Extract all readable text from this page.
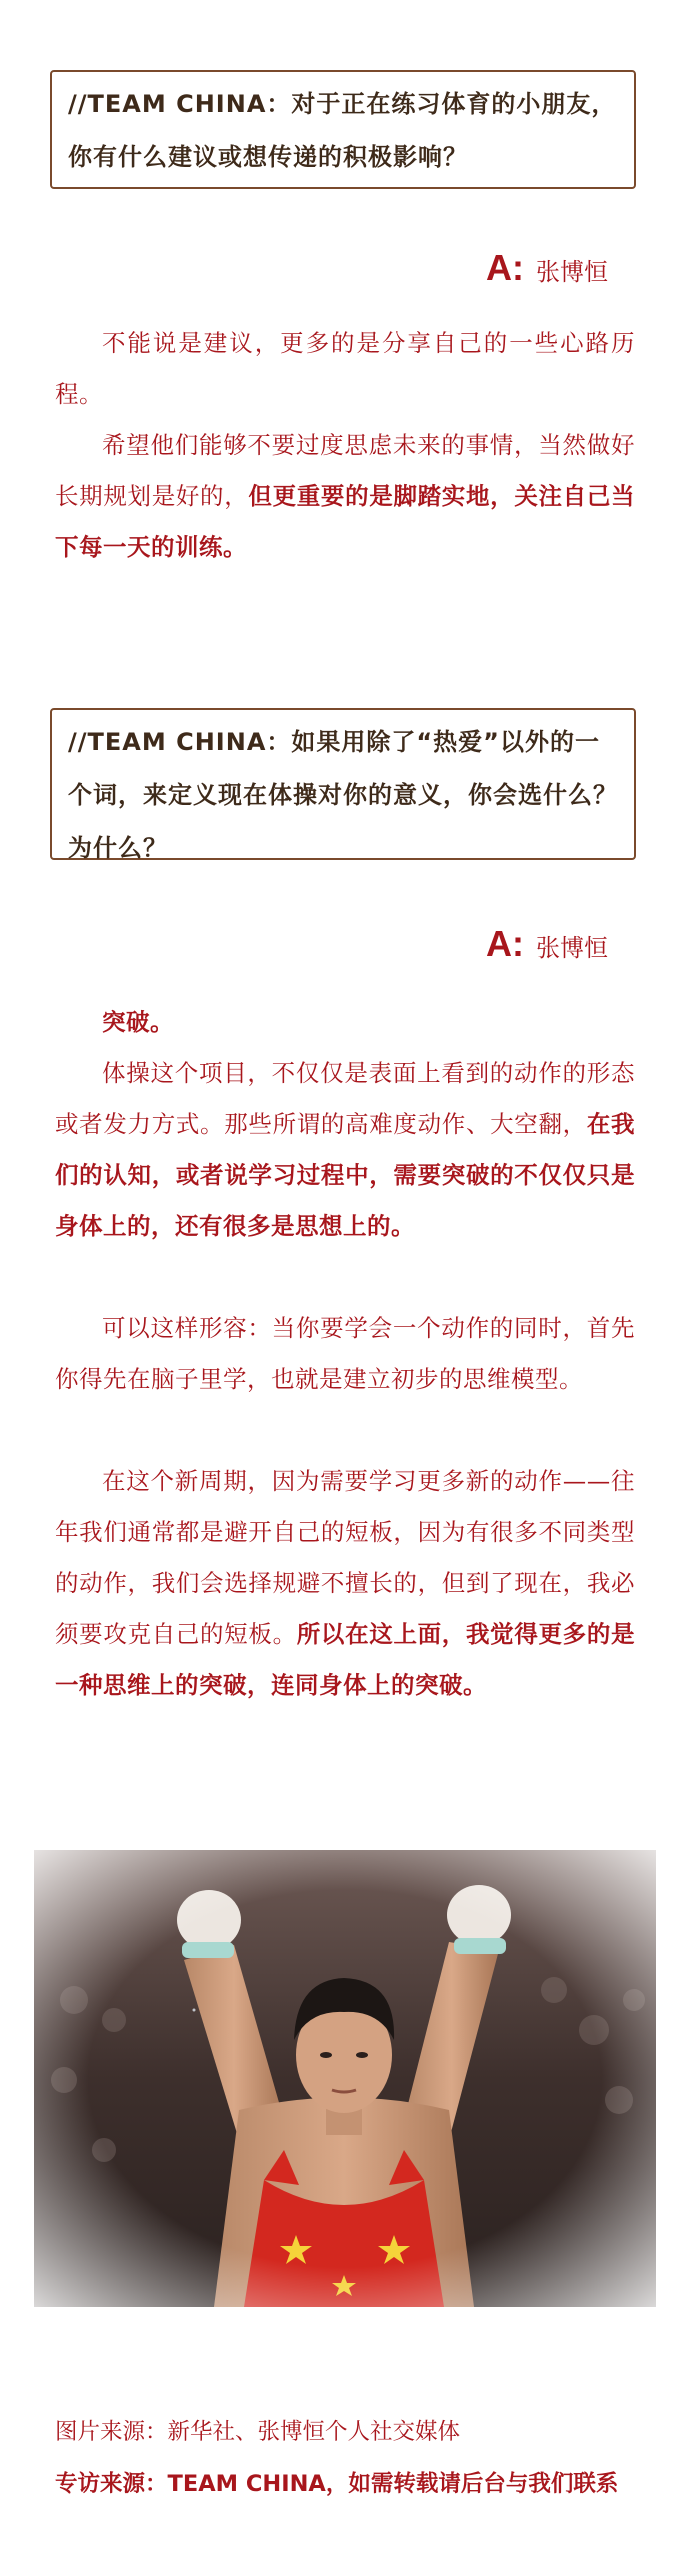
//TEAM CHINA：对于正在练习体育的小朋友，你有什么建议或想传递的积极影响？
A: 张博恒

不能说是建议，更多的是分享自己的一些心路历程。

希望他们能够不要过度思虑未来的事情，当然做好长期规划是好的，但更重要的是脚踏实地，关注自己当下每一天的训练。

//TEAM CHINA：如果用除了“热爱”以外的一个词，来定义现在体操对你的意义，你会选什么？为什么？
A: 张博恒

突破。

体操这个项目，不仅仅是表面上看到的动作的形态或者发力方式。那些所谓的高难度动作、大空翻，在我们的认知，或者说学习过程中，需要突破的不仅仅只是身体上的，还有很多是思想上的。

可以这样形容：当你要学会一个动作的同时，首先你得先在脑子里学，也就是建立初步的思维模型。

在这个新周期，因为需要学习更多新的动作——往年我们通常都是避开自己的短板，因为有很多不同类型的动作，我们会选择规避不擅长的，但到了现在，我必须要攻克自己的短板。所以在这上面，我觉得更多的是一种思维上的突破，连同身体上的突破。

图片来源：新华社、张博恒个人社交媒体

专访来源：TEAM CHINA，如需转载请后台与我们联系
